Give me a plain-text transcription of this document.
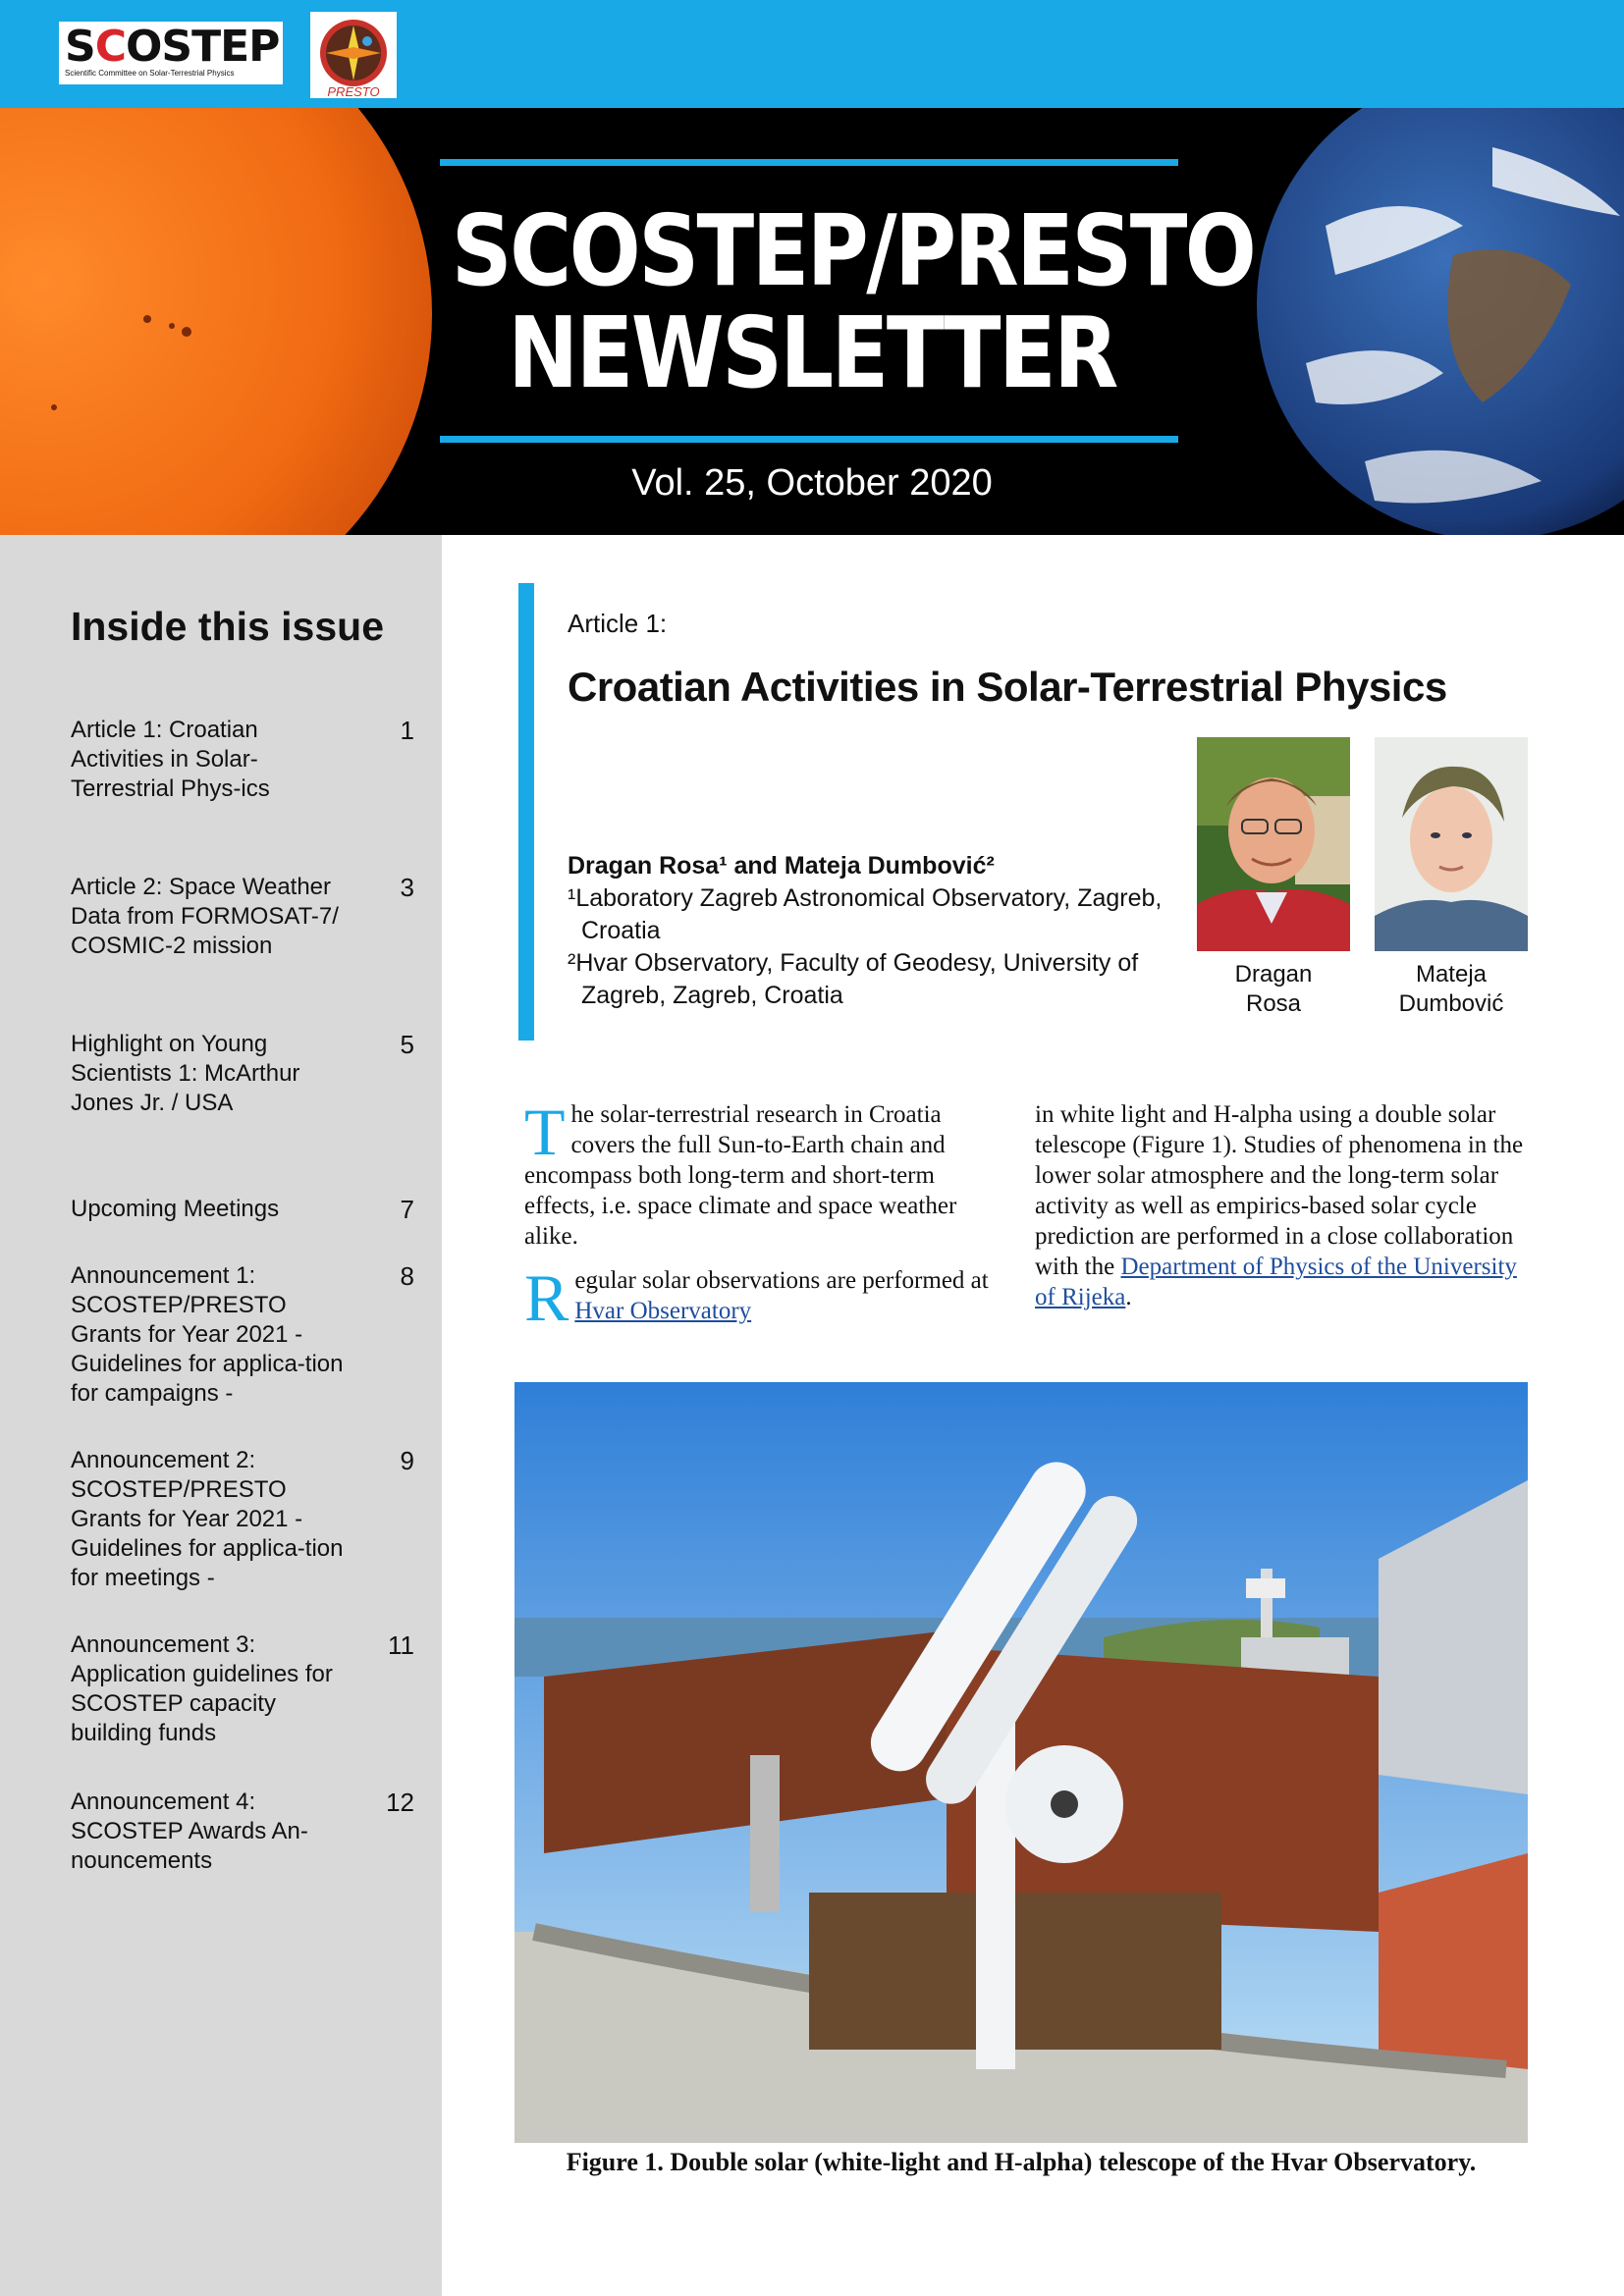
SCOSTEP
Scientific Committee on Solar-Terrestrial Physics
PRESTO
SCOSTEP/PRESTO
NEWSLETTER
Vol. 25, October 2020
Inside this issue
Article 1: Croatian Activities in Solar-Terrestrial Phys-ics
1
Article 2: Space Weather Data from FORMOSAT-7/ COSMIC-2 mission
3
Highlight on Young Scientists 1: McArthur Jones Jr. / USA
5
Upcoming Meetings	7
Announcement 1: SCOSTEP/PRESTO Grants for Year 2021 - Guidelines for applica-tion for campaigns -
8
Announcement 2: SCOSTEP/PRESTO Grants for Year 2021 - Guidelines for applica-tion for meetings -
9
Announcement 3: Application guidelines for SCOSTEP capacity building funds
11
Announcement 4: SCOSTEP Awards An-nouncements
12
Article 1:
Croatian Activities in Solar-Terrestrial Physics
Dragan Rosa¹ and Mateja Dumbović²
¹Laboratory Zagreb Astronomical Observatory, Zagreb, Croatia
²Hvar Observatory, Faculty of Geodesy, University of Zagreb, Zagreb, Croatia
Dragan
Rosa
Mateja
Dumbović

The solar-terrestrial research in Croatia covers the full Sun-to-Earth chain and encompass both long-term and short-term effects, i.e. space climate and space weather alike.

Regular solar observations are performed at Hvar Observatory

in white light and H-alpha using a double solar telescope (Figure 1). Studies of phenomena in the lower solar atmosphere and the long-term solar activity as well as empirics-based solar cycle prediction are performed in a close collaboration with the Department of Physics of the University of Rijeka.

Figure 1. Double solar (white-light and H-alpha) telescope of the Hvar Observatory.
